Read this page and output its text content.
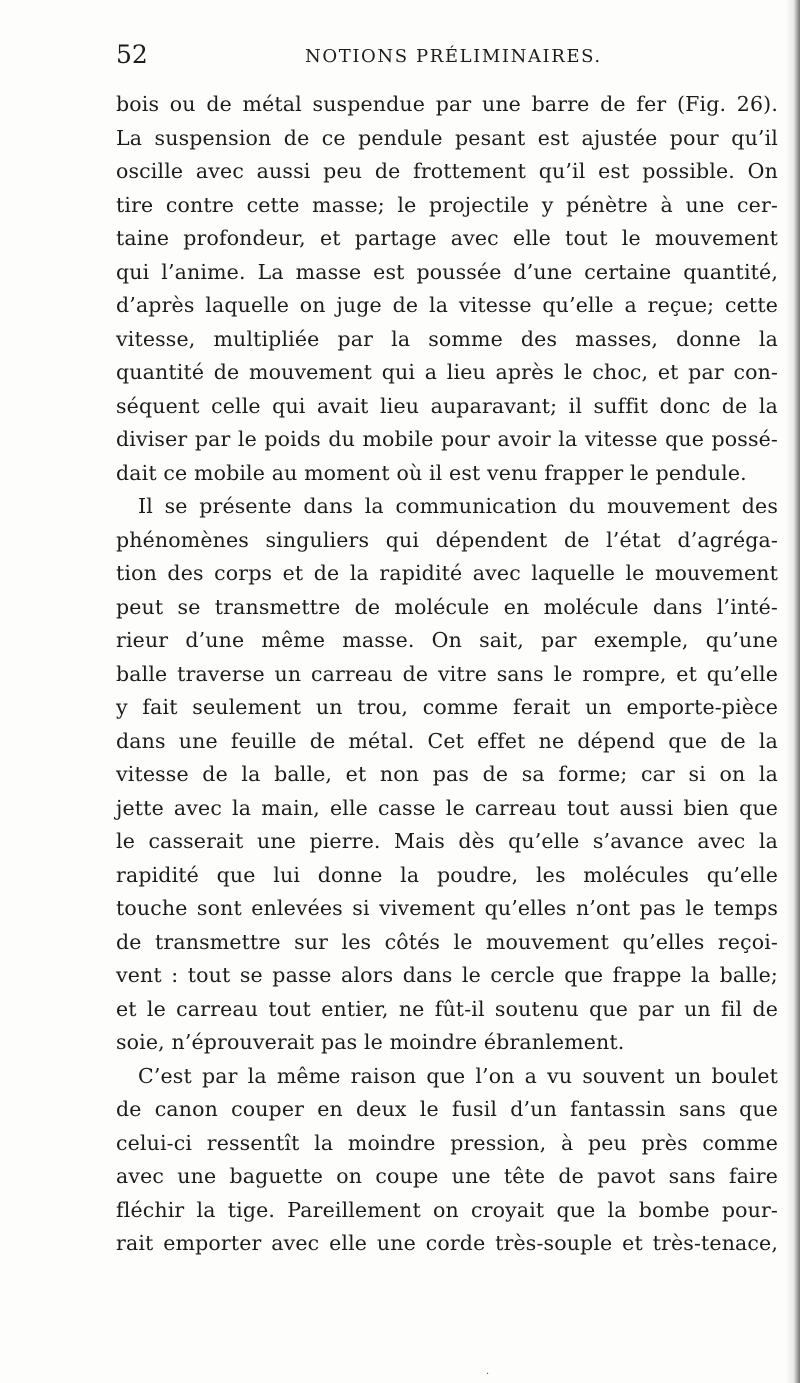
52	NOTIONS PRÉLIMINAIRES.
bois ou de métal suspendue par une barre de fer (Fig. 26).
La suspension de ce pendule pesant est ajustée pour qu’il
oscille avec aussi peu de frottement qu’il est possible. On
tire contre cette masse; le projectile y pénètre à une cer-
taine profondeur, et partage avec elle tout le mouvement
qui l’anime. La masse est poussée d’une certaine quantité,
d’après laquelle on juge de la vitesse qu’elle a reçue; cette
vitesse, multipliée par la somme des masses, donne la
quantité de mouvement qui a lieu après le choc, et par con-
séquent celle qui avait lieu auparavant; il suffit donc de la
diviser par le poids du mobile pour avoir la vitesse que possé-
dait ce mobile au moment où il est venu frapper le pendule.
Il se présente dans la communication du mouvement des
phénomènes singuliers qui dépendent de l’état d’agréga-
tion des corps et de la rapidité avec laquelle le mouvement
peut se transmettre de molécule en molécule dans l’inté-
rieur d’une même masse. On sait, par exemple, qu’une
balle traverse un carreau de vitre sans le rompre, et qu’elle
y fait seulement un trou, comme ferait un emporte-pièce
dans une feuille de métal. Cet effet ne dépend que de la
vitesse de la balle, et non pas de sa forme; car si on la
jette avec la main, elle casse le carreau tout aussi bien que
le casserait une pierre. Mais dès qu’elle s’avance avec la
rapidité que lui donne la poudre, les molécules qu’elle
touche sont enlevées si vivement qu’elles n’ont pas le temps
de transmettre sur les côtés le mouvement qu’elles reçoi-
vent : tout se passe alors dans le cercle que frappe la balle;
et le carreau tout entier, ne fût-il soutenu que par un fil de
soie, n’éprouverait pas le moindre ébranlement.
C’est par la même raison que l’on a vu souvent un boulet
de canon couper en deux le fusil d’un fantassin sans que
celui-ci ressentît la moindre pression, à peu près comme
avec une baguette on coupe une tête de pavot sans faire
fléchir la tige. Pareillement on croyait que la bombe pour-
rait emporter avec elle une corde très-souple et très-tenace,
·
